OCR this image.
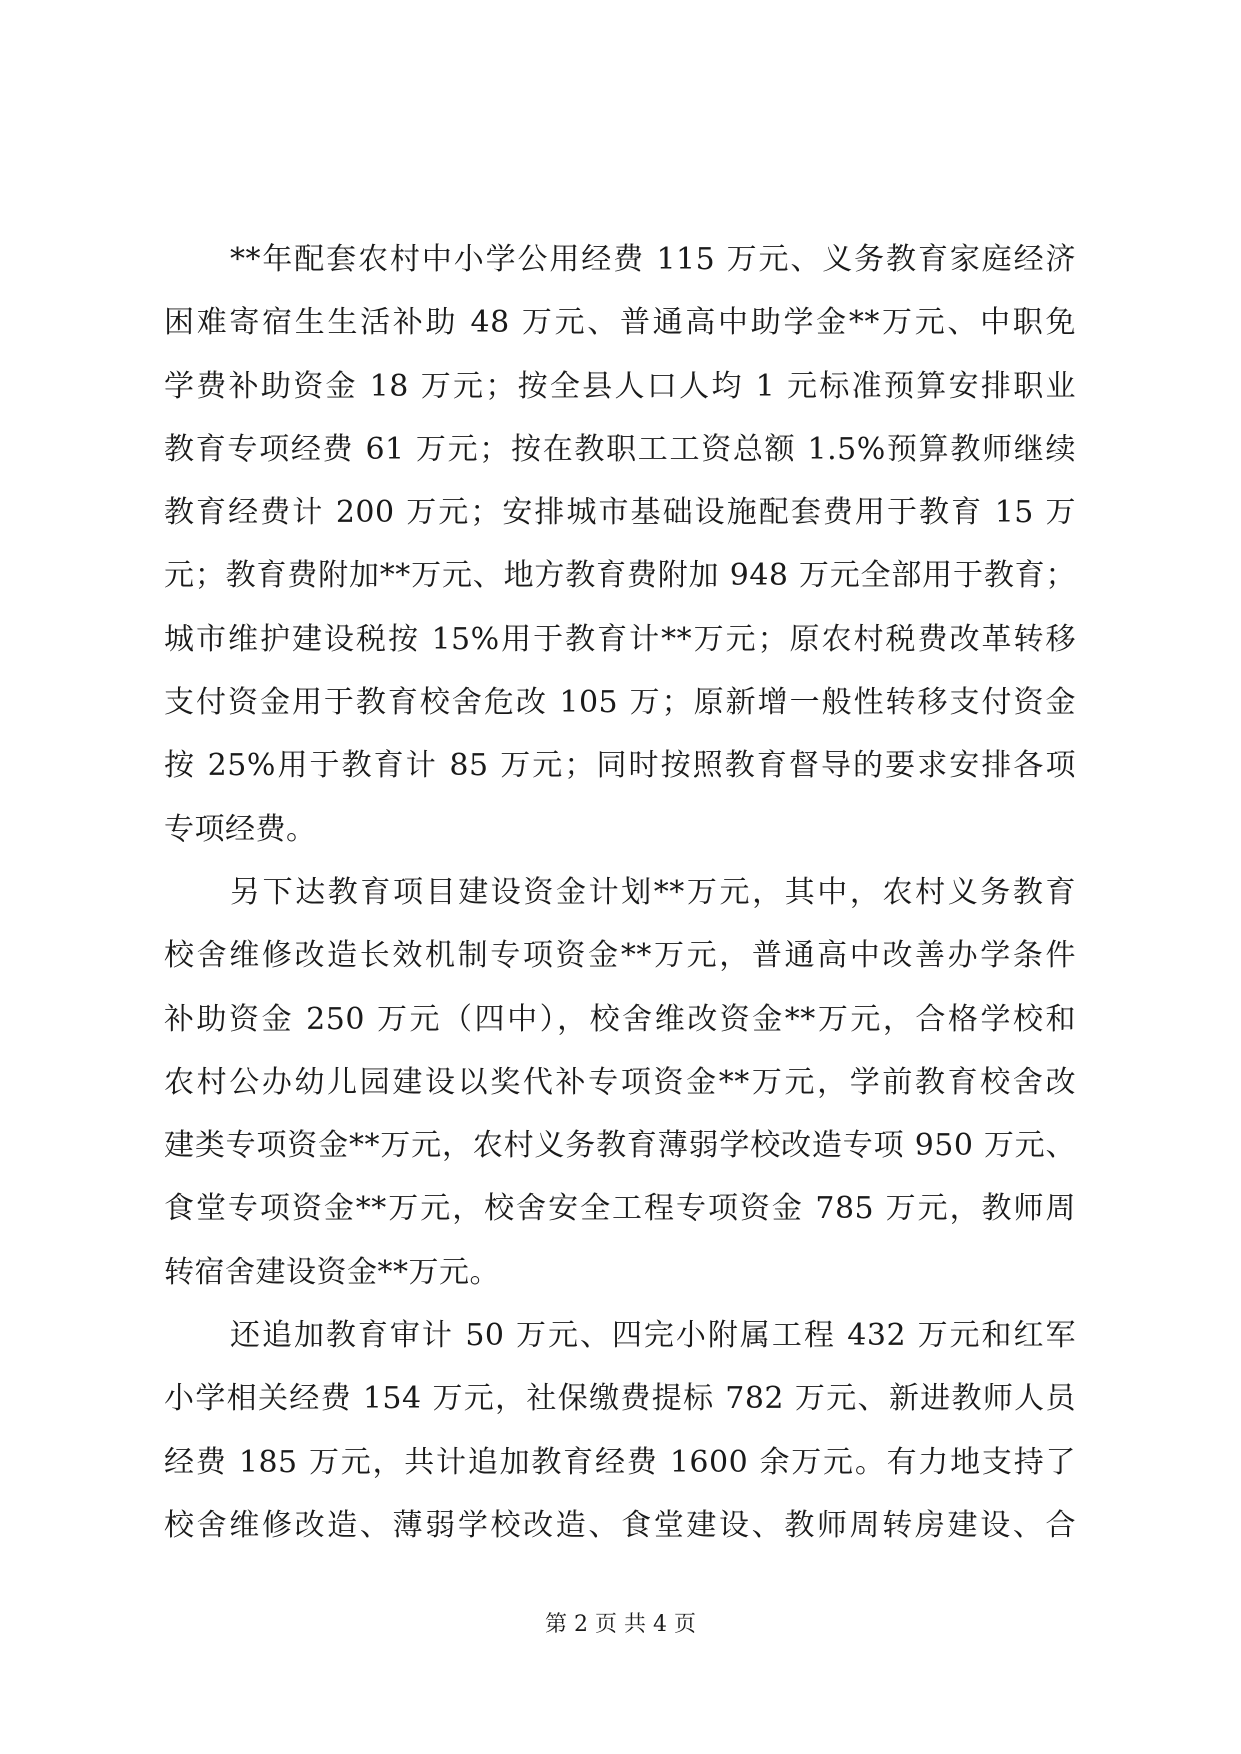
**年配套农村中小学公用经费 115 万元、义务教育家庭经济
困难寄宿生生活补助 48 万元、普通高中助学金**万元、中职免
学费补助资金 18 万元；按全县人口人均 1 元标准预算安排职业
教育专项经费 61 万元；按在教职工工资总额 1.5%预算教师继续
教育经费计 200 万元；安排城市基础设施配套费用于教育 15 万
元；教育费附加**万元、地方教育费附加 948 万元全部用于教育；
城市维护建设税按 15%用于教育计**万元；原农村税费改革转移
支付资金用于教育校舍危改 105 万；原新增一般性转移支付资金
按 25%用于教育计 85 万元；同时按照教育督导的要求安排各项
专项经费。
另下达教育项目建设资金计划**万元，其中，农村义务教育
校舍维修改造长效机制专项资金**万元，普通高中改善办学条件
补助资金 250 万元（四中），校舍维改资金**万元，合格学校和
农村公办幼儿园建设以奖代补专项资金**万元，学前教育校舍改
建类专项资金**万元，农村义务教育薄弱学校改造专项 950 万元、
食堂专项资金**万元，校舍安全工程专项资金 785 万元，教师周
转宿舍建设资金**万元。
还追加教育审计 50 万元、四完小附属工程 432 万元和红军
小学相关经费 154 万元，社保缴费提标 782 万元、新进教师人员
经费 185 万元，共计追加教育经费 1600 余万元。有力地支持了
校舍维修改造、薄弱学校改造、食堂建设、教师周转房建设、合
第 2 页 共 4 页
